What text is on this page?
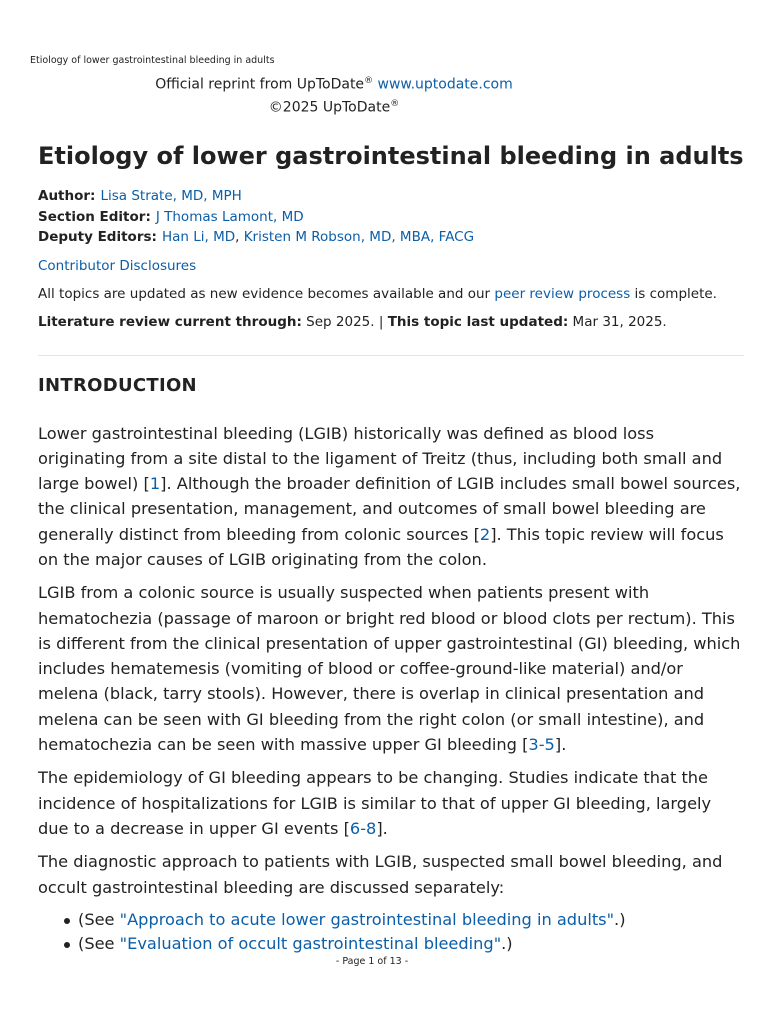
Etiology of lower gastrointestinal bleeding in adults
Official reprint from UpToDate® www.uptodate.com
©2025 UpToDate®
Etiology of lower gastrointestinal bleeding in adults
Author: Lisa Strate, MD, MPH
Section Editor: J Thomas Lamont, MD
Deputy Editors: Han Li, MD, Kristen M Robson, MD, MBA, FACG
Contributor Disclosures
All topics are updated as new evidence becomes available and our peer review process is complete.
Literature review current through: Sep 2025. | This topic last updated: Mar 31, 2025.
INTRODUCTION

Lower gastrointestinal bleeding (LGIB) historically was defined as blood loss originating from a site distal to the ligament of Treitz (thus, including both small and large bowel) [1]. Although the broader definition of LGIB includes small bowel sources, the clinical presentation, management, and outcomes of small bowel bleeding are generally distinct from bleeding from colonic sources [2]. This topic review will focus on the major causes of LGIB originating from the colon.

LGIB from a colonic source is usually suspected when patients present with hematochezia (passage of maroon or bright red blood or blood clots per rectum). This is different from the clinical presentation of upper gastrointestinal (GI) bleeding, which includes hematemesis (vomiting of blood or coffee-ground-like material) and/or melena (black, tarry stools). However, there is overlap in clinical presentation and melena can be seen with GI bleeding from the right colon (or small intestine), and hematochezia can be seen with massive upper GI bleeding [3-5].

The epidemiology of GI bleeding appears to be changing. Studies indicate that the incidence of hospitalizations for LGIB is similar to that of upper GI bleeding, largely due to a decrease in upper GI events [6-8].

The diagnostic approach to patients with LGIB, suspected small bowel bleeding, and occult gastrointestinal bleeding are discussed separately:

(See "Approach to acute lower gastrointestinal bleeding in adults".)
(See "Evaluation of occult gastrointestinal bleeding".)
- Page 1 of 13 -
